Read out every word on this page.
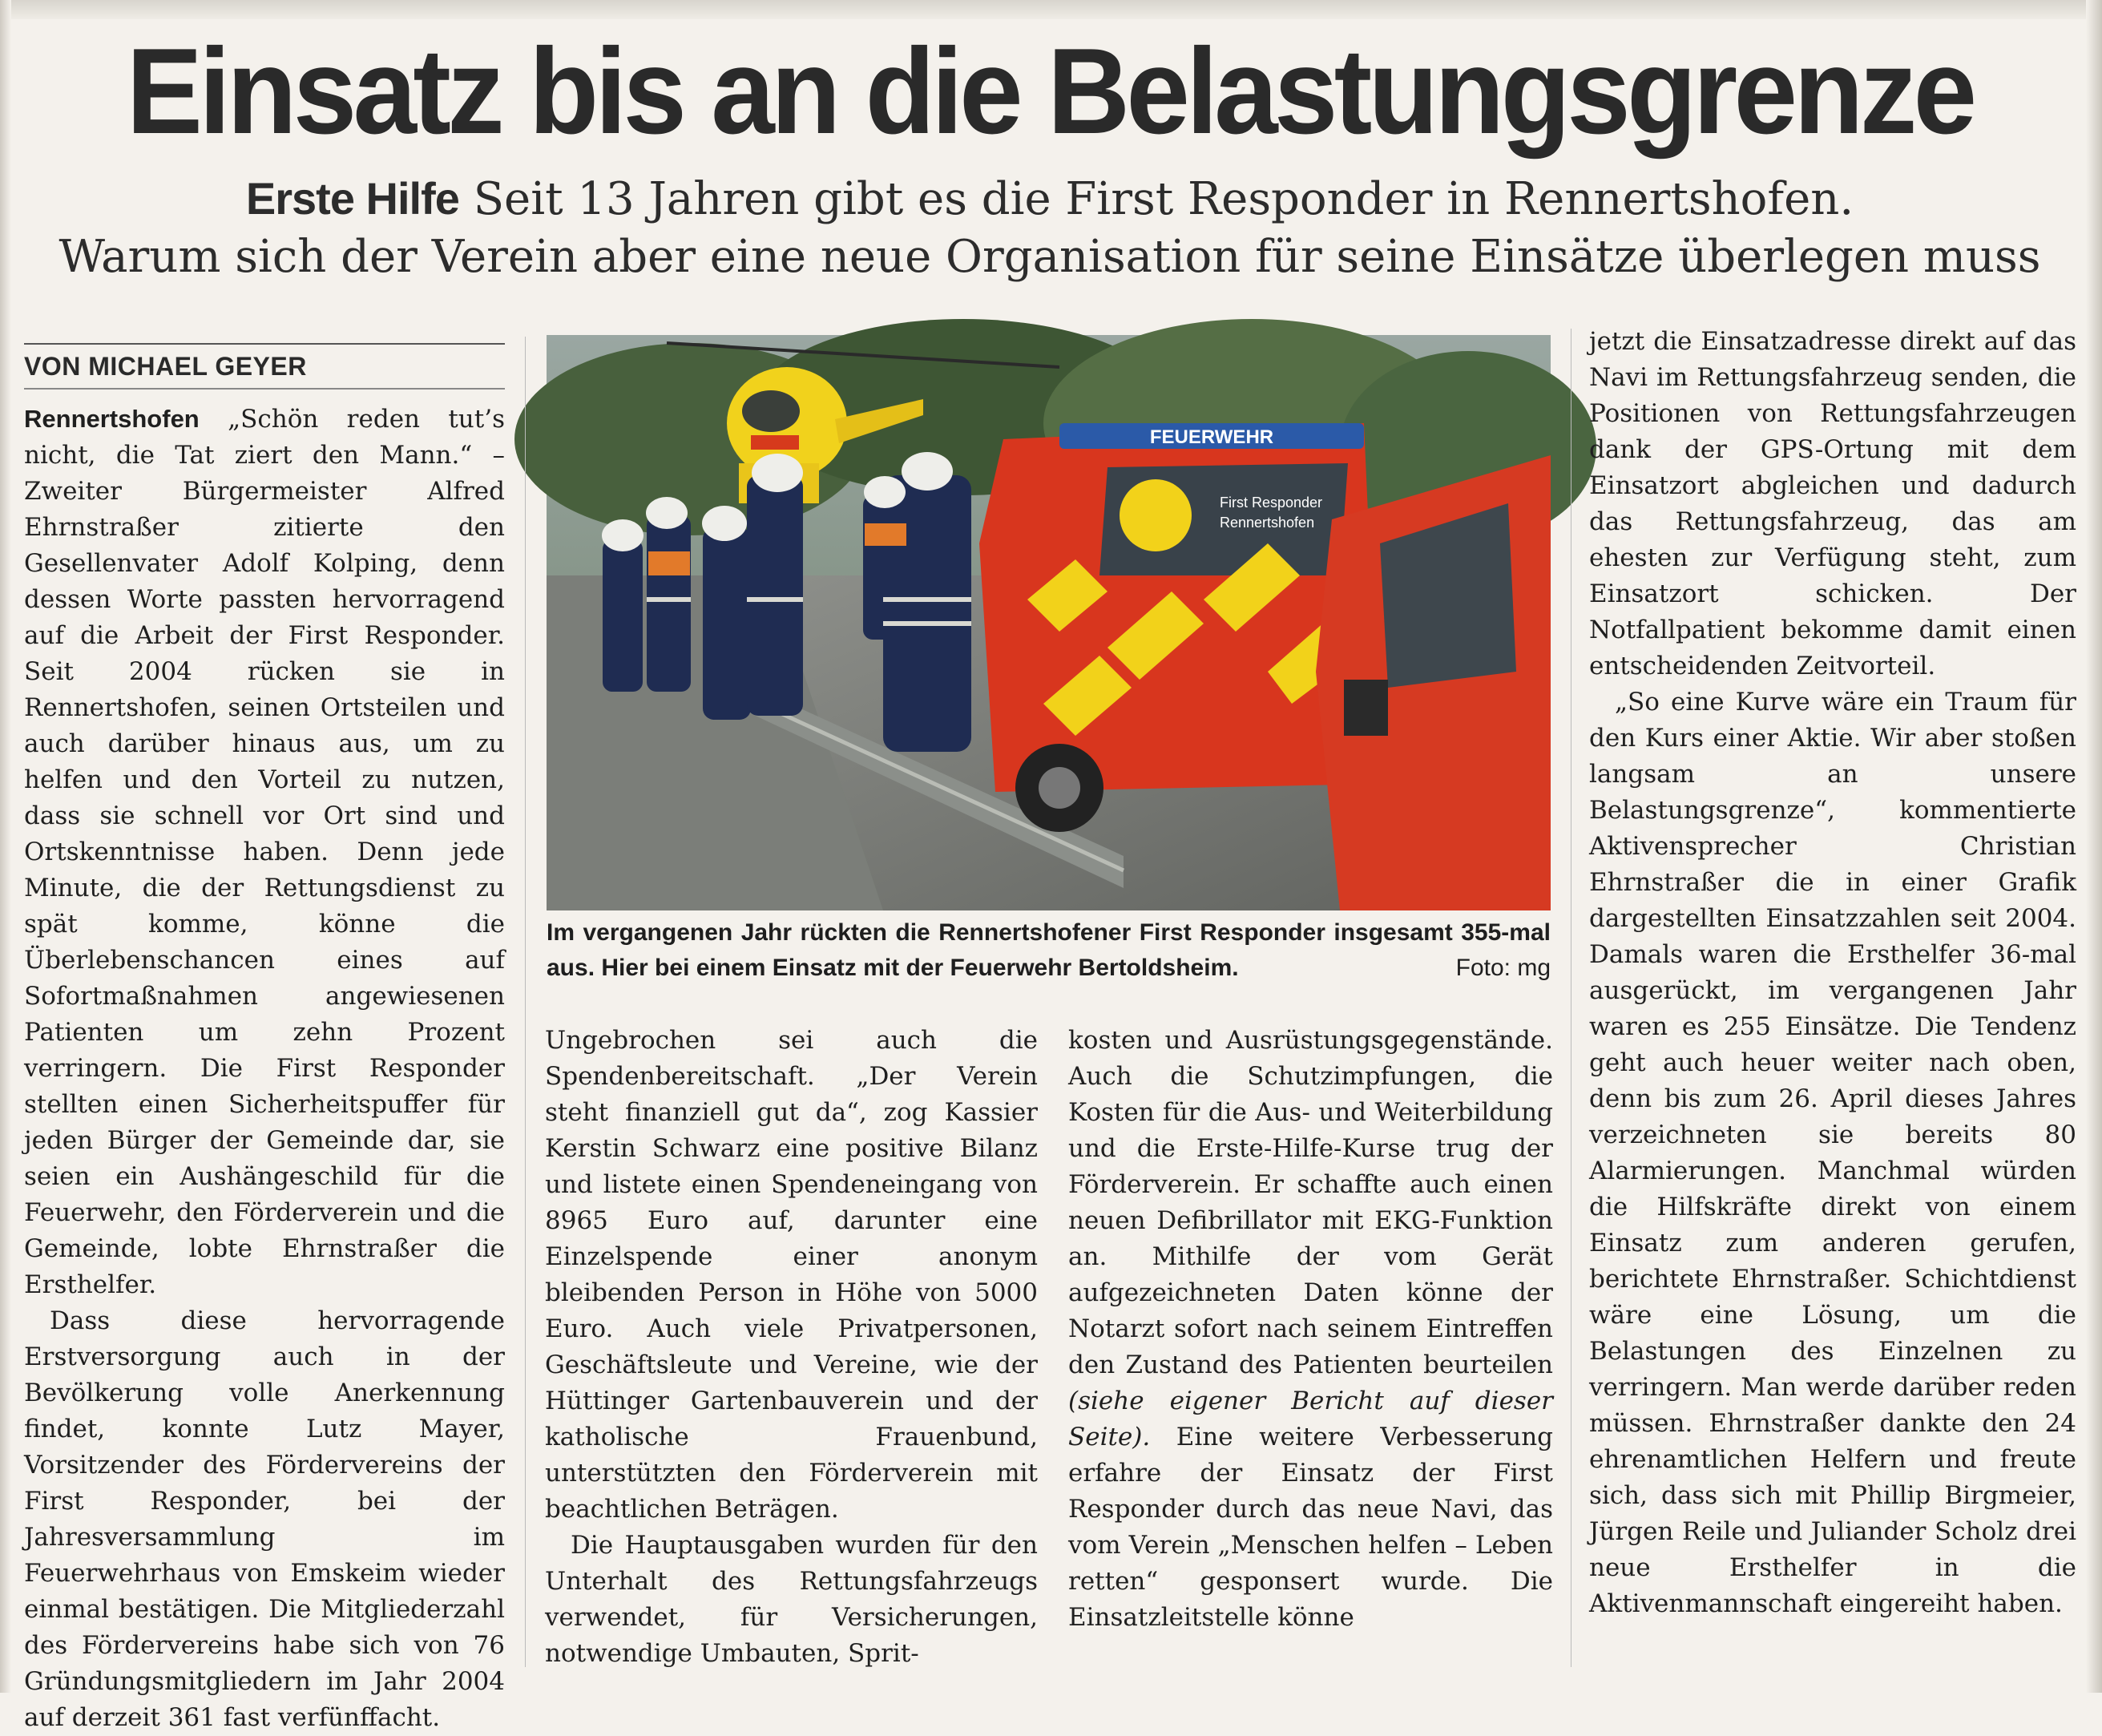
Einsatz bis an die Belastungsgrenze
Erste Hilfe Seit 13 Jahren gibt es die First Responder in Rennertshofen.
Warum sich der Verein aber eine neue Organisation für seine Einsätze überlegen muss
VON MICHAEL GEYER

Rennertshofen „Schön reden tut’s nicht, die Tat ziert den Mann.“ – Zweiter Bürgermeister Alfred Ehrnstraßer zitierte den Gesellenvater Adolf Kolping, denn dessen Worte passten hervorragend auf die Arbeit der First Responder. Seit 2004 rücken sie in Rennertshofen, seinen Ortsteilen und auch darüber hinaus aus, um zu helfen und den Vorteil zu nutzen, dass sie schnell vor Ort sind und Ortskenntnisse haben. Denn jede Minute, die der Rettungsdienst zu spät komme, könne die Überlebenschancen eines auf Sofortmaßnahmen angewiesenen Patienten um zehn Prozent verringern. Die First Responder stellten einen Sicherheitspuffer für jeden Bürger der Gemeinde dar, sie seien ein Aushängeschild für die Feuerwehr, den Förderverein und die Gemeinde, lobte Ehrnstraßer die Ersthelfer.

Dass diese hervorragende Erstversorgung auch in der Bevölkerung volle Anerkennung findet, konnte Lutz Mayer, Vorsitzender des Fördervereins der First Responder, bei der Jahresversammlung im Feuerwehrhaus von Emskeim wieder einmal bestätigen. Die Mitgliederzahl des Fördervereins habe sich von 76 Gründungsmitgliedern im Jahr 2004 auf derzeit 361 fast verfünffacht.

FEUERWEHR
First Responder
Rennertshofen
Im vergangenen Jahr rückten die Rennertshofener First Responder insgesamt 355-mal aus. Hier bei einem Einsatz mit der Feuerwehr Bertoldsheim.	Foto: mg

Ungebrochen sei auch die Spendenbereitschaft. „Der Verein steht finanziell gut da“, zog Kassier Kerstin Schwarz eine positive Bilanz und listete einen Spendeneingang von 8965 Euro auf, darunter eine Einzelspende einer anonym bleibenden Person in Höhe von 5000 Euro. Auch viele Privatpersonen, Geschäftsleute und Vereine, wie der Hüttinger Gartenbauverein und der katholische Frauenbund, unterstützten den Förderverein mit beachtlichen Beträgen.

Die Hauptausgaben wurden für den Unterhalt des Rettungsfahrzeugs verwendet, für Versicherungen, notwendige Umbauten, Sprit-

kosten und Ausrüstungsgegenstände. Auch die Schutzimpfungen, die Kosten für die Aus- und Weiterbildung und die Erste-Hilfe-Kurse trug der Förderverein. Er schaffte auch einen neuen Defibrillator mit EKG-Funktion an. Mithilfe der vom Gerät aufgezeichneten Daten könne der Notarzt sofort nach seinem Eintreffen den Zustand des Patienten beurteilen (siehe eigener Bericht auf dieser Seite). Eine weitere Verbesserung erfahre der Einsatz der First Responder durch das neue Navi, das vom Verein „Menschen helfen – Leben retten“ gesponsert wurde. Die Einsatzleitstelle könne

jetzt die Einsatzadresse direkt auf das Navi im Rettungsfahrzeug senden, die Positionen von Rettungsfahrzeugen dank der GPS-Ortung mit dem Einsatzort abgleichen und dadurch das Rettungsfahrzeug, das am ehesten zur Verfügung steht, zum Einsatzort schicken. Der Notfallpatient bekomme damit einen entscheidenden Zeitvorteil.

„So eine Kurve wäre ein Traum für den Kurs einer Aktie. Wir aber stoßen langsam an unsere Belastungsgrenze“, kommentierte Aktivensprecher Christian Ehrnstraßer die in einer Grafik dargestellten Einsatzzahlen seit 2004. Damals waren die Ersthelfer 36-mal ausgerückt, im vergangenen Jahr waren es 255 Einsätze. Die Tendenz geht auch heuer weiter nach oben, denn bis zum 26. April dieses Jahres verzeichneten sie bereits 80 Alarmierungen. Manchmal würden die Hilfskräfte direkt von einem Einsatz zum anderen gerufen, berichtete Ehrnstraßer. Schichtdienst wäre eine Lösung, um die Belastungen des Einzelnen zu verringern. Man werde darüber reden müssen. Ehrnstraßer dankte den 24 ehrenamtlichen Helfern und freute sich, dass sich mit Phillip Birgmeier, Jürgen Reile und Juliander Scholz drei neue Ersthelfer in die Aktivenmannschaft eingereiht haben.
